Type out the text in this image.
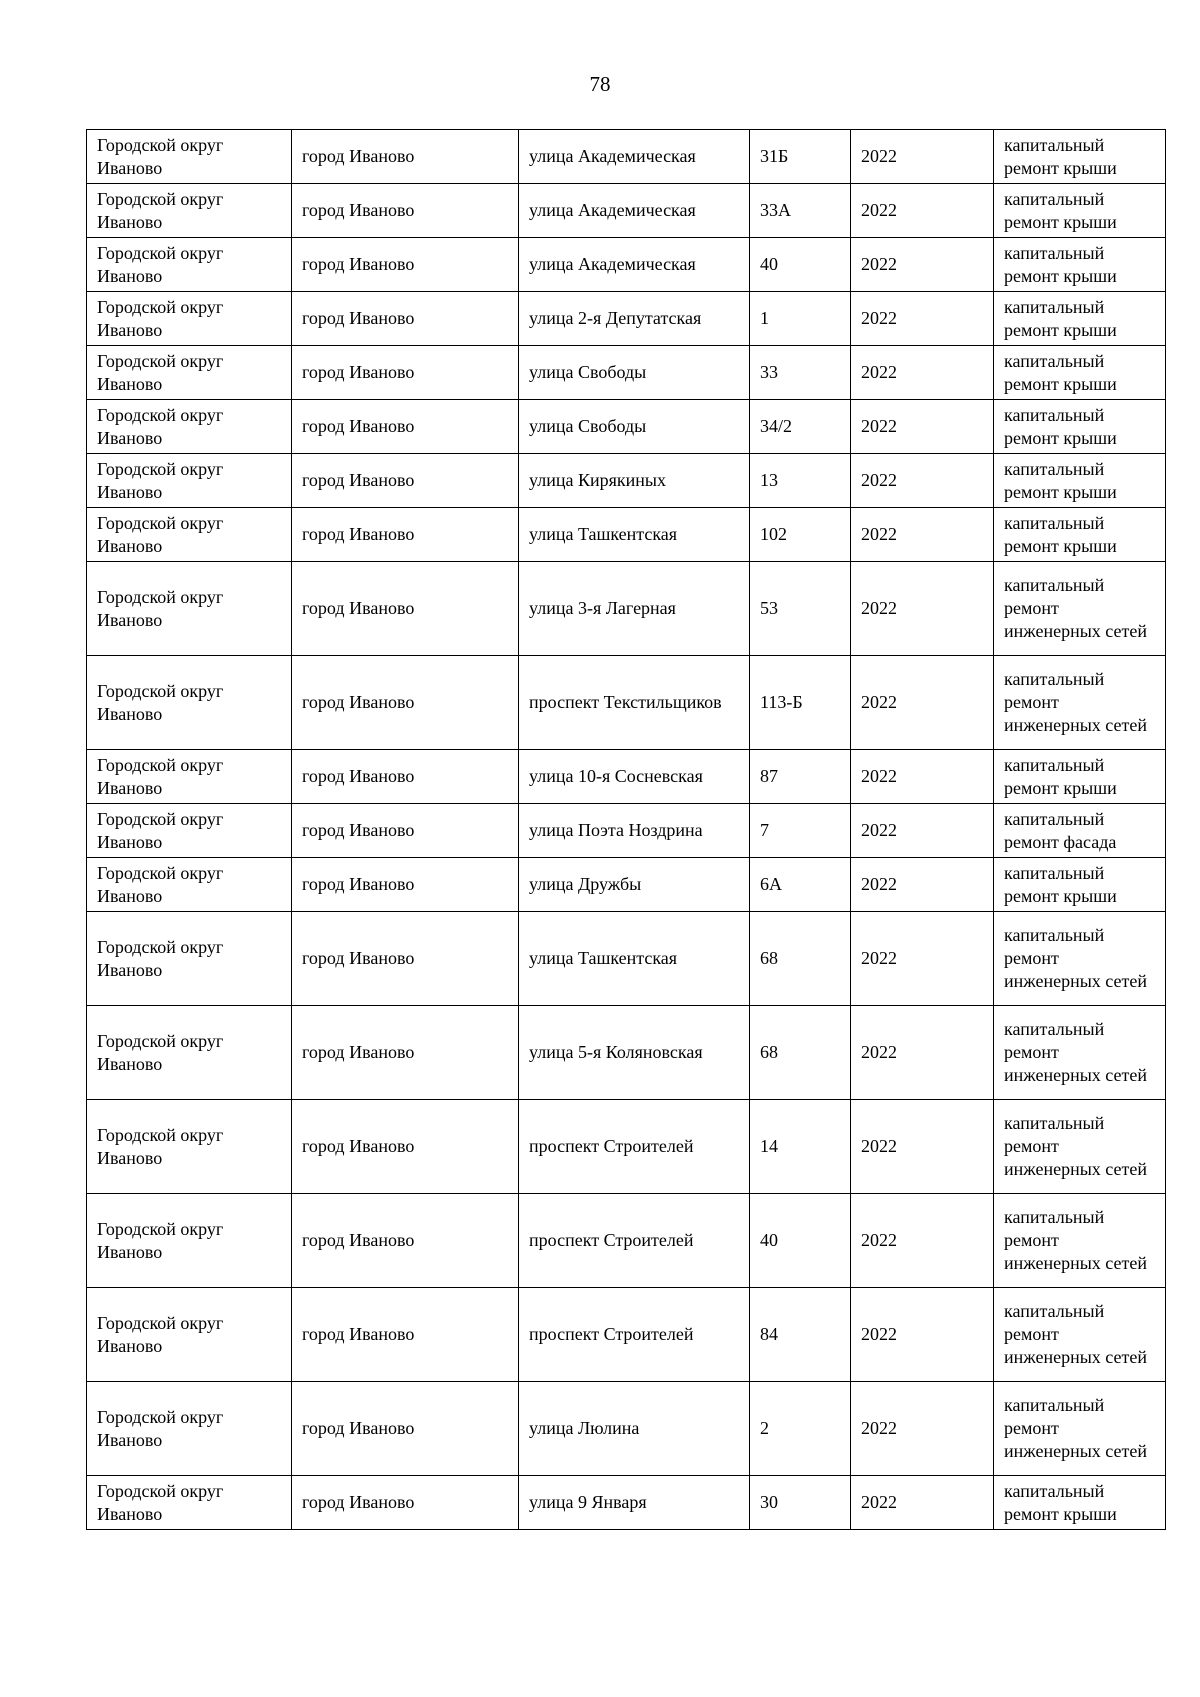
78
Городской округ Иваново	город Иваново	улица Академическая	31Б	2022	капитальный ремонт крыши
Городской округ Иваново	город Иваново	улица Академическая	33А	2022	капитальный ремонт крыши
Городской округ Иваново	город Иваново	улица Академическая	40	2022	капитальный ремонт крыши
Городской округ Иваново	город Иваново	улица 2-я Депутатская	1	2022	капитальный ремонт крыши
Городской округ Иваново	город Иваново	улица Свободы	33	2022	капитальный ремонт крыши
Городской округ Иваново	город Иваново	улица Свободы	34/2	2022	капитальный ремонт крыши
Городской округ Иваново	город Иваново	улица Кирякиных	13	2022	капитальный ремонт крыши
Городской округ Иваново	город Иваново	улица Ташкентская	102	2022	капитальный ремонт крыши
Городской округ Иваново	город Иваново	улица 3-я Лагерная	53	2022	капитальный ремонт инженерных сетей
Городской округ Иваново	город Иваново	проспект Текстильщиков	113-Б	2022	капитальный ремонт инженерных сетей
Городской округ Иваново	город Иваново	улица 10-я Сосневская	87	2022	капитальный ремонт крыши
Городской округ Иваново	город Иваново	улица Поэта Ноздрина	7	2022	капитальный ремонт фасада
Городской округ Иваново	город Иваново	улица Дружбы	6А	2022	капитальный ремонт крыши
Городской округ Иваново	город Иваново	улица Ташкентская	68	2022	капитальный ремонт инженерных сетей
Городской округ Иваново	город Иваново	улица 5-я Коляновская	68	2022	капитальный ремонт инженерных сетей
Городской округ Иваново	город Иваново	проспект Строителей	14	2022	капитальный ремонт инженерных сетей
Городской округ Иваново	город Иваново	проспект Строителей	40	2022	капитальный ремонт инженерных сетей
Городской округ Иваново	город Иваново	проспект Строителей	84	2022	капитальный ремонт инженерных сетей
Городской округ Иваново	город Иваново	улица Люлина	2	2022	капитальный ремонт инженерных сетей
Городской округ Иваново	город Иваново	улица 9 Января	30	2022	капитальный ремонт крыши
